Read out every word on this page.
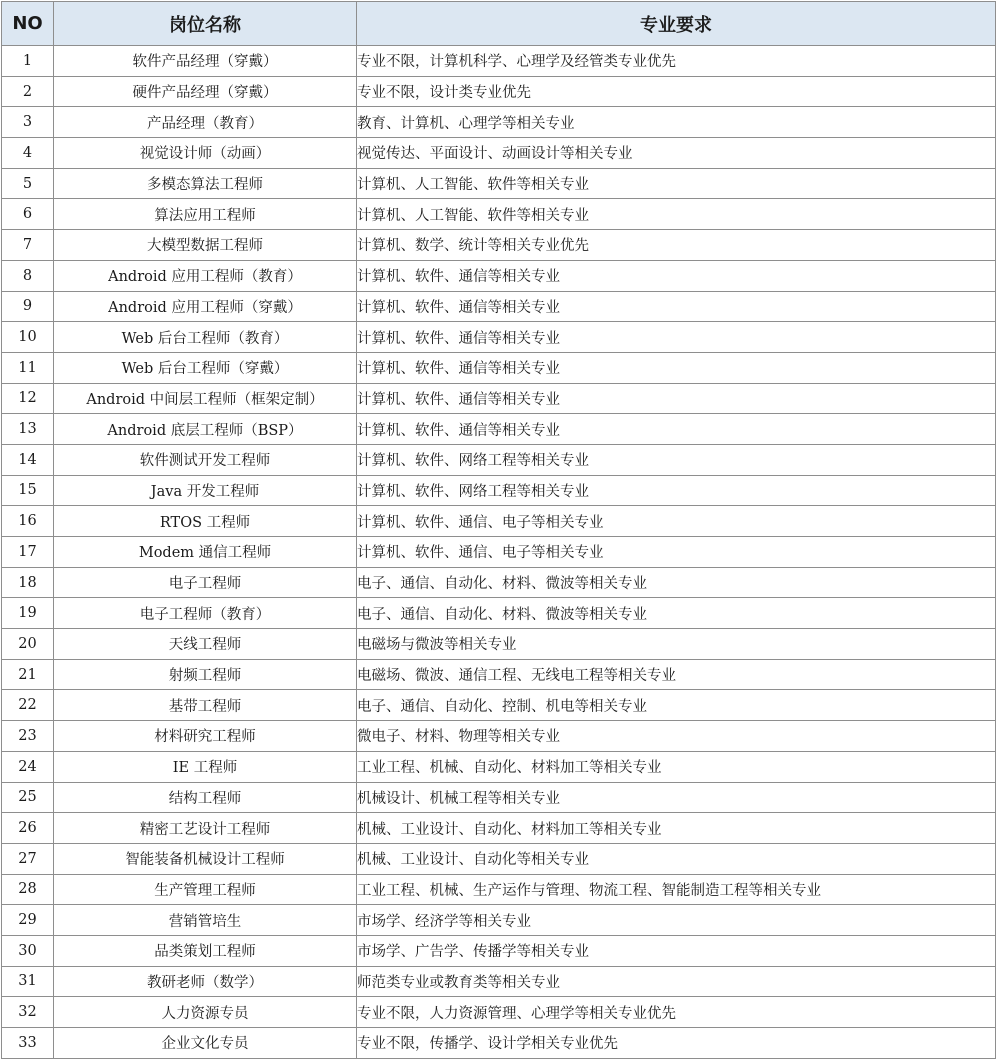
NO	岗位名称	专业要求
1	软件产品经理（穿戴）	专业不限，计算机科学、心理学及经管类专业优先
2	硬件产品经理（穿戴）	专业不限，设计类专业优先
3	产品经理（教育）	教育、计算机、心理学等相关专业
4	视觉设计师（动画）	视觉传达、平面设计、动画设计等相关专业
5	多模态算法工程师	计算机、人工智能、软件等相关专业
6	算法应用工程师	计算机、人工智能、软件等相关专业
7	大模型数据工程师	计算机、数学、统计等相关专业优先
8	Android 应用工程师（教育）	计算机、软件、通信等相关专业
9	Android 应用工程师（穿戴）	计算机、软件、通信等相关专业
10	Web 后台工程师（教育）	计算机、软件、通信等相关专业
11	Web 后台工程师（穿戴）	计算机、软件、通信等相关专业
12	Android 中间层工程师（框架定制）	计算机、软件、通信等相关专业
13	Android 底层工程师（BSP）	计算机、软件、通信等相关专业
14	软件测试开发工程师	计算机、软件、网络工程等相关专业
15	Java 开发工程师	计算机、软件、网络工程等相关专业
16	RTOS 工程师	计算机、软件、通信、电子等相关专业
17	Modem 通信工程师	计算机、软件、通信、电子等相关专业
18	电子工程师	电子、通信、自动化、材料、微波等相关专业
19	电子工程师（教育）	电子、通信、自动化、材料、微波等相关专业
20	天线工程师	电磁场与微波等相关专业
21	射频工程师	电磁场、微波、通信工程、无线电工程等相关专业
22	基带工程师	电子、通信、自动化、控制、机电等相关专业
23	材料研究工程师	微电子、材料、物理等相关专业
24	IE 工程师	工业工程、机械、自动化、材料加工等相关专业
25	结构工程师	机械设计、机械工程等相关专业
26	精密工艺设计工程师	机械、工业设计、自动化、材料加工等相关专业
27	智能装备机械设计工程师	机械、工业设计、自动化等相关专业
28	生产管理工程师	工业工程、机械、生产运作与管理、物流工程、智能制造工程等相关专业
29	营销管培生	市场学、经济学等相关专业
30	品类策划工程师	市场学、广告学、传播学等相关专业
31	教研老师（数学）	师范类专业或教育类等相关专业
32	人力资源专员	专业不限，人力资源管理、心理学等相关专业优先
33	企业文化专员	专业不限，传播学、设计学相关专业优先
